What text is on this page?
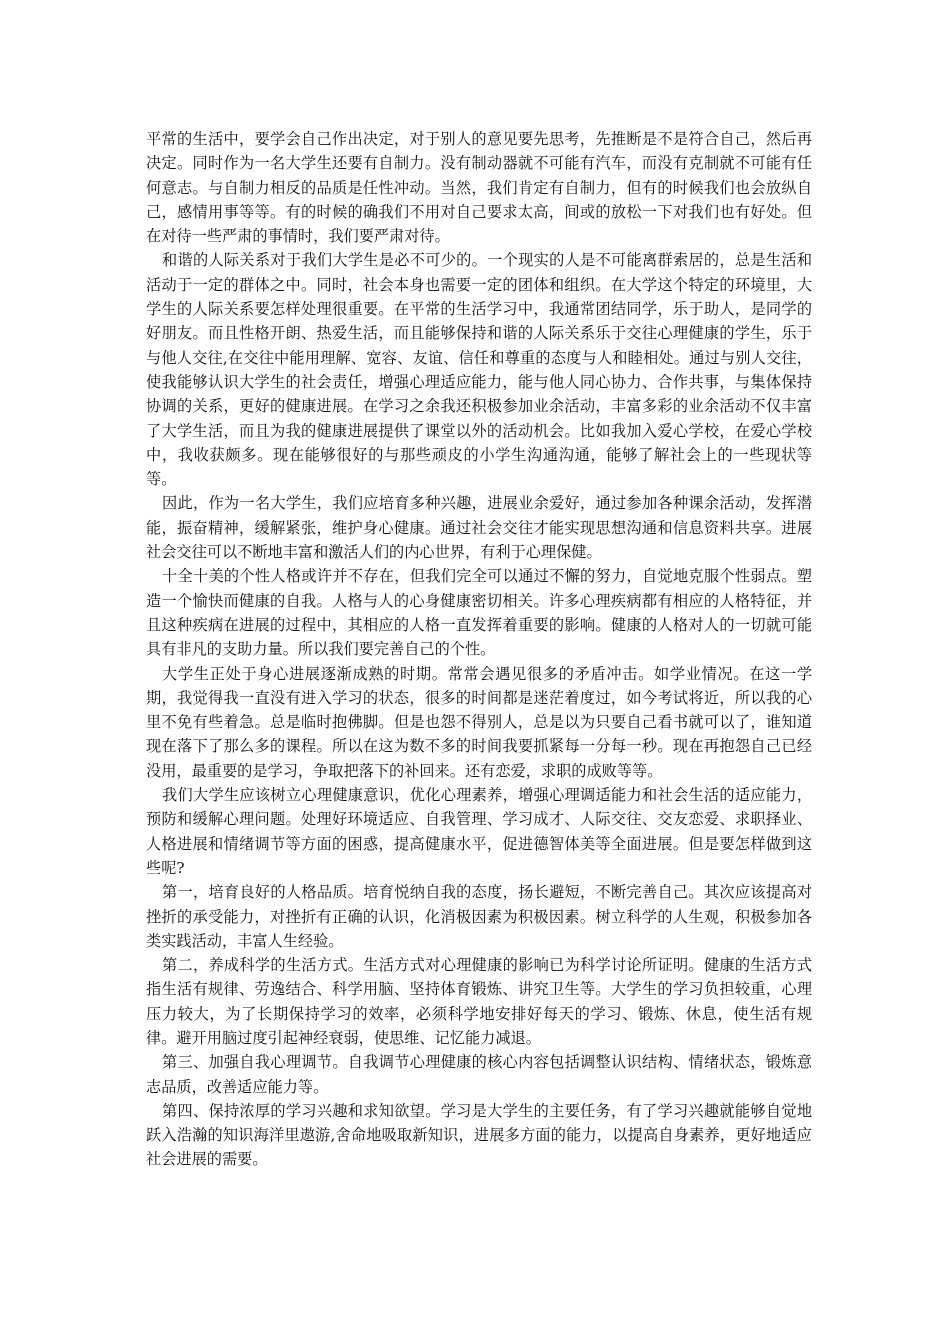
平常的生活中，要学会自己作出决定，对于别人的意见要先思考，先推断是不是符合自己，然后再决定。同时作为一名大学生还要有自制力。没有制动器就不可能有汽车，而没有克制就不可能有任何意志。与自制力相反的品质是任性冲动。当然，我们肯定有自制力，但有的时候我们也会放纵自己，感情用事等等。有的时候的确我们不用对自己要求太高，间或的放松一下对我们也有好处。但在对待一些严肃的事情时，我们要严肃对待。

和谐的人际关系对于我们大学生是必不可少的。一个现实的人是不可能离群索居的，总是生活和活动于一定的群体之中。同时，社会本身也需要一定的团体和组织。在大学这个特定的环境里，大学生的人际关系要怎样处理很重要。在平常的生活学习中，我通常团结同学，乐于助人，是同学的好朋友。而且性格开朗、热爱生活，而且能够保持和谐的人际关系乐于交往心理健康的学生，乐于与他人交往,在交往中能用理解、宽容、友谊、信任和尊重的态度与人和睦相处。通过与别人交往，使我能够认识大学生的社会责任，增强心理适应能力，能与他人同心协力、合作共事，与集体保持协调的关系，更好的健康进展。在学习之余我还积极参加业余活动，丰富多彩的业余活动不仅丰富了大学生活，而且为我的健康进展提供了课堂以外的活动机会。比如我加入爱心学校，在爱心学校中，我收获颇多。现在能够很好的与那些顽皮的小学生沟通沟通，能够了解社会上的一些现状等等。

因此，作为一名大学生，我们应培育多种兴趣，进展业余爱好，通过参加各种课余活动，发挥潜能，振奋精神，缓解紧张，维护身心健康。通过社会交往才能实现思想沟通和信息资料共享。进展社会交往可以不断地丰富和激活人们的内心世界，有利于心理保健。

十全十美的个性人格或许并不存在，但我们完全可以通过不懈的努力，自觉地克服个性弱点。塑造一个愉快而健康的自我。人格与人的心身健康密切相关。许多心理疾病都有相应的人格特征，并且这种疾病在进展的过程中，其相应的人格一直发挥着重要的影响。健康的人格对人的一切就可能具有非凡的支助力量。所以我们要完善自己的个性。

大学生正处于身心进展逐渐成熟的时期。常常会遇见很多的矛盾冲击。如学业情况。在这一学期，我觉得我一直没有进入学习的状态，很多的时间都是迷茫着度过，如今考试将近，所以我的心里不免有些着急。总是临时抱佛脚。但是也怨不得别人，总是以为只要自己看书就可以了，谁知道现在落下了那么多的课程。所以在这为数不多的时间我要抓紧每一分每一秒。现在再抱怨自己已经没用，最重要的是学习，争取把落下的补回来。还有恋爱，求职的成败等等。

我们大学生应该树立心理健康意识，优化心理素养，增强心理调适能力和社会生活的适应能力，预防和缓解心理问题。处理好环境适应、自我管理、学习成才、人际交往、交友恋爱、求职择业、人格进展和情绪调节等方面的困惑，提高健康水平，促进德智体美等全面进展。但是要怎样做到这些呢?

第一，培育良好的人格品质。培育悦纳自我的态度，扬长避短，不断完善自己。其次应该提高对挫折的承受能力，对挫折有正确的认识，化消极因素为积极因素。树立科学的人生观，积极参加各类实践活动，丰富人生经验。

第二，养成科学的生活方式。生活方式对心理健康的影响已为科学讨论所证明。健康的生活方式指生活有规律、劳逸结合、科学用脑、坚持体育锻炼、讲究卫生等。大学生的学习负担较重，心理压力较大，为了长期保持学习的效率，必须科学地安排好每天的学习、锻炼、休息，使生活有规律。避开用脑过度引起神经衰弱，使思维、记忆能力减退。

第三、加强自我心理调节。自我调节心理健康的核心内容包括调整认识结构、情绪状态，锻炼意志品质，改善适应能力等。

第四、保持浓厚的学习兴趣和求知欲望。学习是大学生的主要任务，有了学习兴趣就能够自觉地跃入浩瀚的知识海洋里遨游,舍命地吸取新知识，进展多方面的能力，以提高自身素养，更好地适应社会进展的需要。
